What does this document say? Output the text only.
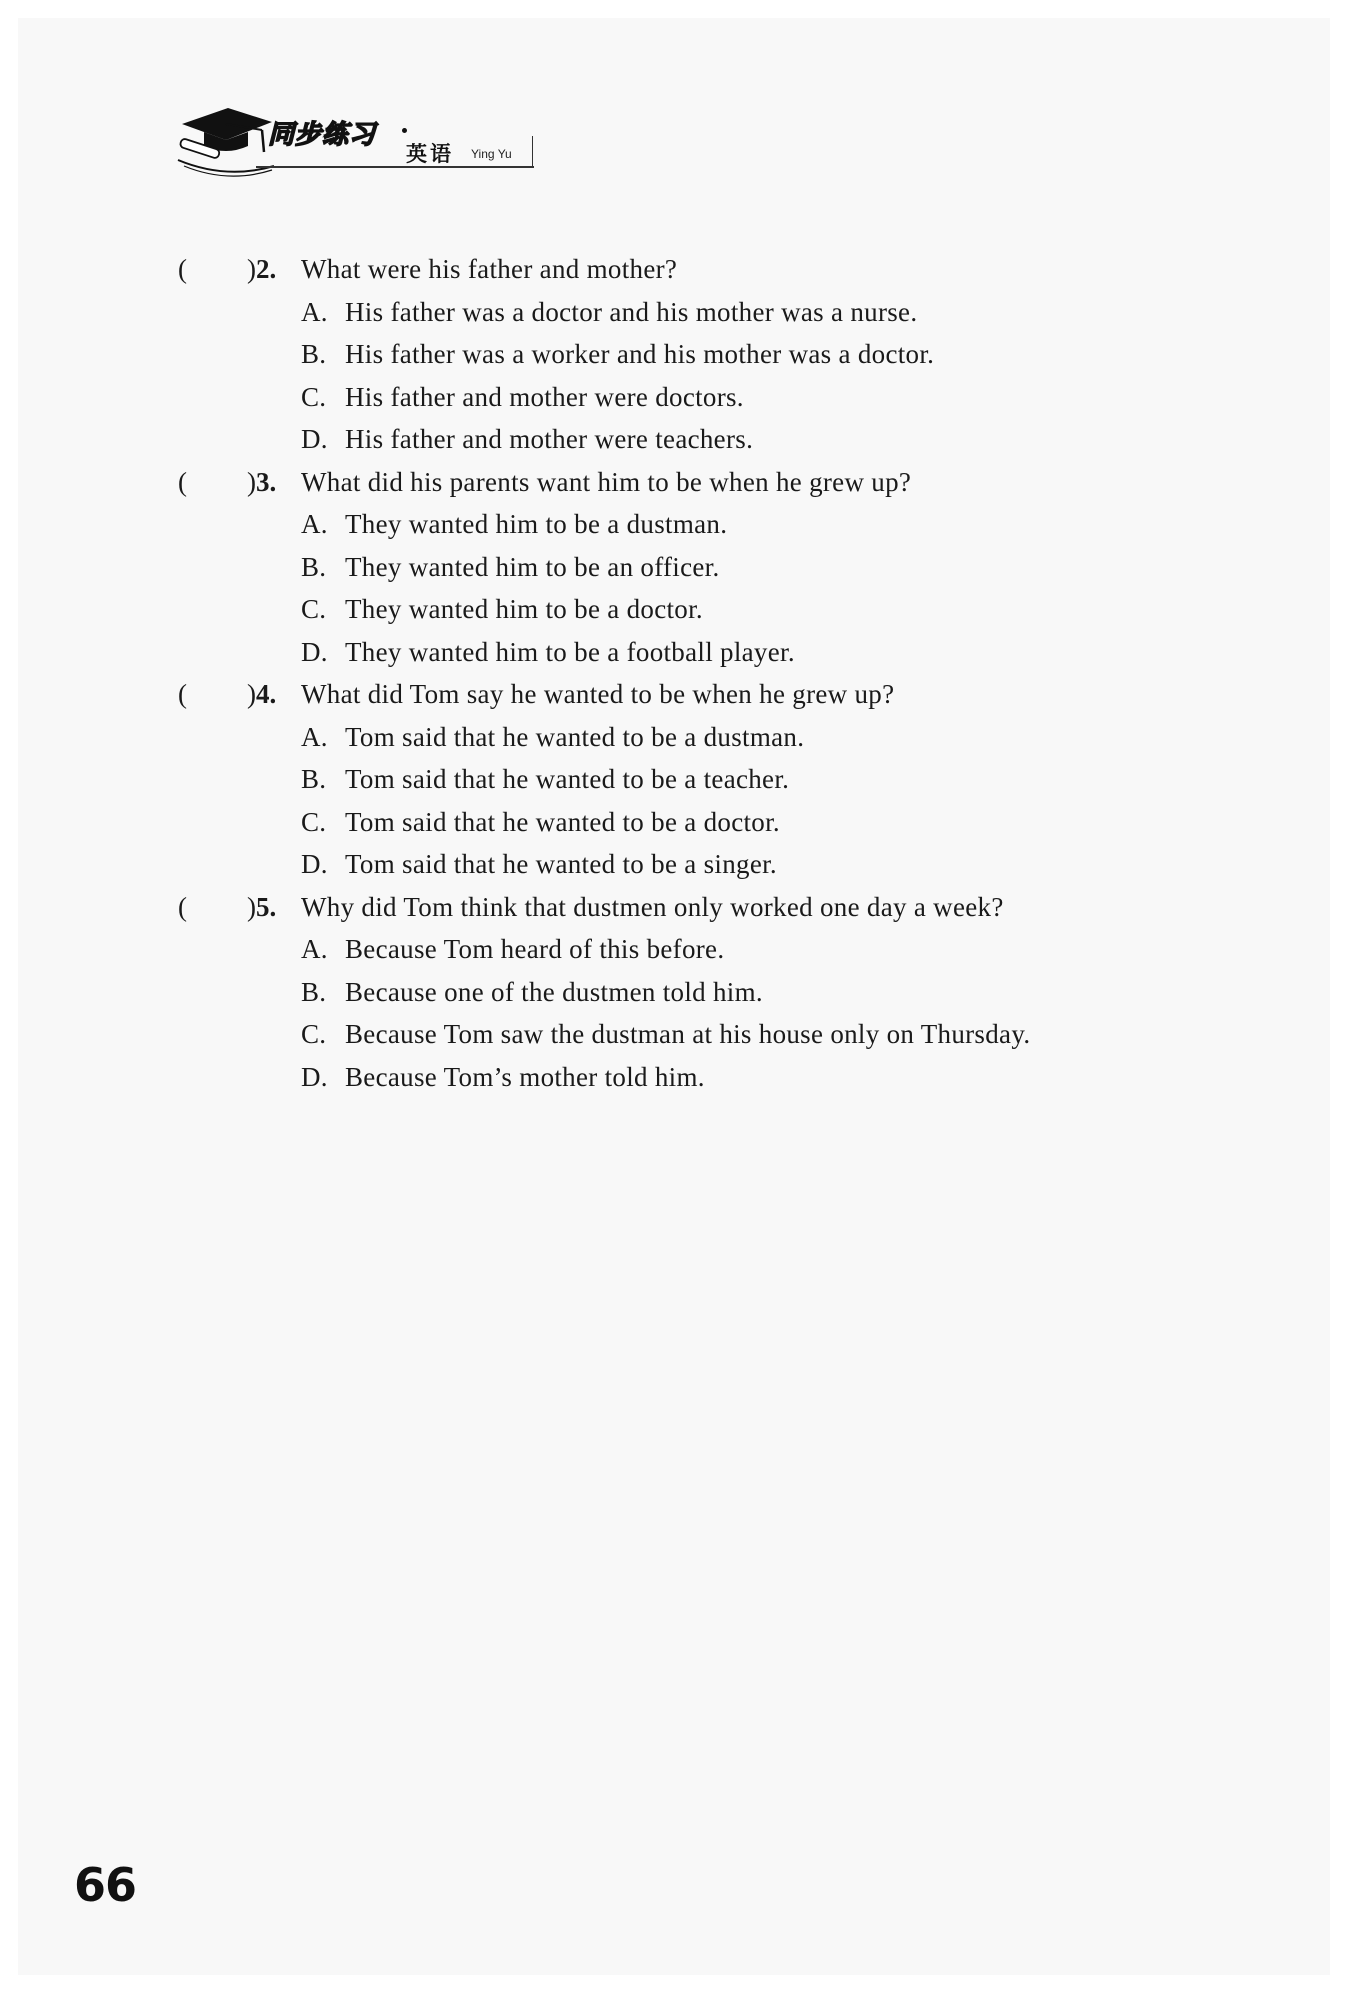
同步练习
英语 Ying Yu
( )2. What were his father and mother?
A. His father was a doctor and his mother was a nurse.
B. His father was a worker and his mother was a doctor.
C. His father and mother were doctors.
D. His father and mother were teachers.
( )3. What did his parents want him to be when he grew up?
A. They wanted him to be a dustman.
B. They wanted him to be an officer.
C. They wanted him to be a doctor.
D. They wanted him to be a football player.
( )4. What did Tom say he wanted to be when he grew up?
A. Tom said that he wanted to be a dustman.
B. Tom said that he wanted to be a teacher.
C. Tom said that he wanted to be a doctor.
D. Tom said that he wanted to be a singer.
( )5. Why did Tom think that dustmen only worked one day a week?
A. Because Tom heard of this before.
B. Because one of the dustmen told him.
C. Because Tom saw the dustman at his house only on Thursday.
D. Because Tom’s mother told him.
66
